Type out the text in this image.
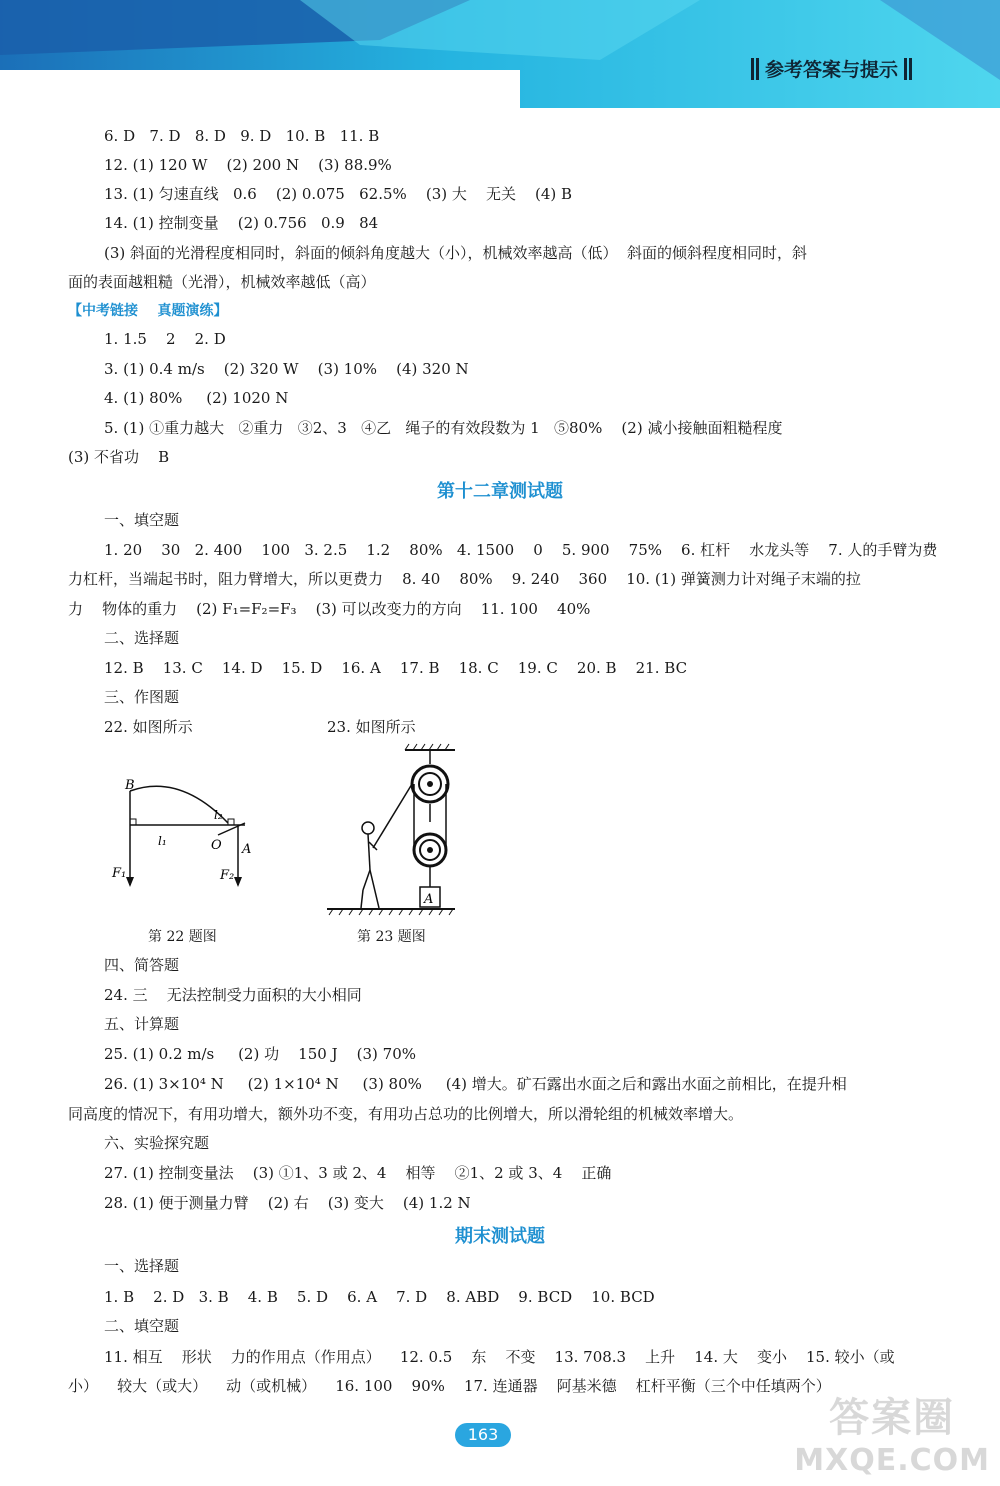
参考答案与提示
6. D   7. D   8. D   9. D   10. B   11. B
12. (1) 120 W    (2) 200 N    (3) 88.9%
13. (1) 匀速直线   0.6    (2) 0.075   62.5%    (3) 大    无关    (4) B
14. (1) 控制变量    (2) 0.756   0.9   84
(3) 斜面的光滑程度相同时，斜面的倾斜角度越大（小），机械效率越高（低）  斜面的倾斜程度相同时，斜
面的表面越粗糙（光滑），机械效率越低（高）
【中考链接    真题演练】
1. 1.5    2    2. D
3. (1) 0.4 m/s    (2) 320 W    (3) 10%    (4) 320 N
4. (1) 80%     (2) 1020 N
5. (1) ①重力越大   ②重力   ③2、3   ④乙   绳子的有效段数为 1   ⑤80%    (2) 减小接触面粗糙程度
(3) 不省功    B
第十二章测试题
一、填空题
1. 20    30   2. 400    100   3. 2.5    1.2    80%   4. 1500    0    5. 900    75%    6. 杠杆    水龙头等    7. 人的手臂为费
力杠杆，当端起书时，阻力臂增大，所以更费力    8. 40    80%    9. 240    360    10. (1) 弹簧测力计对绳子末端的拉
力    物体的重力    (2) F₁=F₂=F₃    (3) 可以改变力的方向    11. 100    40%
二、选择题
12. B    13. C    14. D    15. D    16. A    17. B    18. C    19. C    20. B    21. BC
三、作图题
22. 如图所示	23. 如图所示
B
l₂
l₁	O A
F₁	F₂
第 22 题图
A
第 23 题图
四、简答题
24. 三    无法控制受力面积的大小相同
五、计算题
25. (1) 0.2 m/s     (2) 功    150 J    (3) 70%
26. (1) 3×10⁴ N     (2) 1×10⁴ N     (3) 80%     (4) 增大。矿石露出水面之后和露出水面之前相比，在提升相
同高度的情况下，有用功增大，额外功不变，有用功占总功的比例增大，所以滑轮组的机械效率增大。
六、实验探究题
27. (1) 控制变量法    (3) ①1、3 或 2、4    相等    ②1、2 或 3、4    正确
28. (1) 便于测量力臂    (2) 右    (3) 变大    (4) 1.2 N
期末测试题
一、选择题
1. B    2. D   3. B    4. B    5. D    6. A    7. D    8. ABD    9. BCD    10. BCD
二、填空题
11. 相互    形状    力的作用点（作用点）    12. 0.5    东    不变    13. 708.3    上升    14. 大    变小    15. 较小（或
小）    较大（或大）    动（或机械）    16. 100    90%    17. 连通器    阿基米德    杠杆平衡（三个中任填两个）
163	答案圈
MXQE.COM
